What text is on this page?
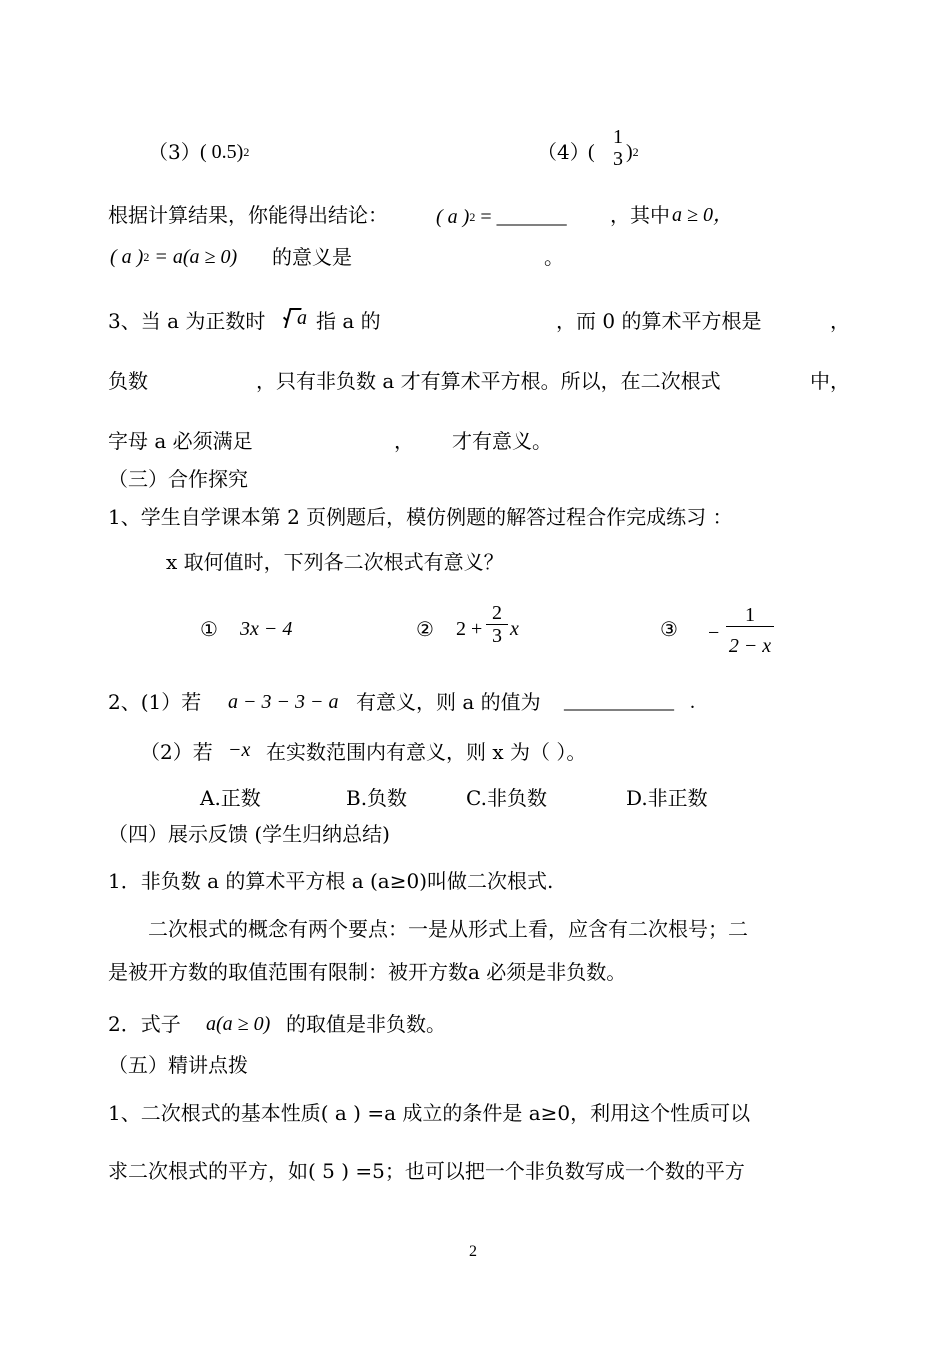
（3） ( 0.5)2	（4）
(
1
3 )2
根据计算结果，你能得出结论： ( a )2 = _______ ，其中 a ≥ 0，
( a )2 = a(a ≥ 0) 的意义是	。
3、当 a 为正数时	a 指 a 的	，而 0 的算术平方根是	，
负数	，只有非负数 a 才有算术平方根。所以，在二次根式	中，
字母 a 必须满足	， 才有意义。
（三）合作探究
1、学生自学课本第 2 页例题后，模仿例题的解答过程合作完成练习 ：
x 取何值时，下列各二次根式有意义？
① 3x − 4	② $2 + \frac{2}{3}$ x	③ − $\frac{1}{2 - x}$
2、(1）若 a − 3 − 3 − a 有意义，则 a 的值为 ___________ .
（2）若 −x 在实数范围内有意义，则 x 为（ ）。
A.正数	B.负数	C.非负数	D.非正数
（四）展示反馈 (学生归纳总结)
1．非负数 a 的算术平方根 a (a≥0)叫做二次根式.
二次根式的概念有两个要点：一是从形式上看，应含有二次根号；二
是被开方数的取值范围有限制：被开方数a 必须是非负数。
2．式子 a(a ≥ 0) 的取值是非负数。
（五）精讲点拨
1、二次根式的基本性质( a ) =a 成立的条件是 a≥0，利用这个性质可以
求二次根式的平方，如( 5 ) =5；也可以把一个非负数写成一个数的平方
2
